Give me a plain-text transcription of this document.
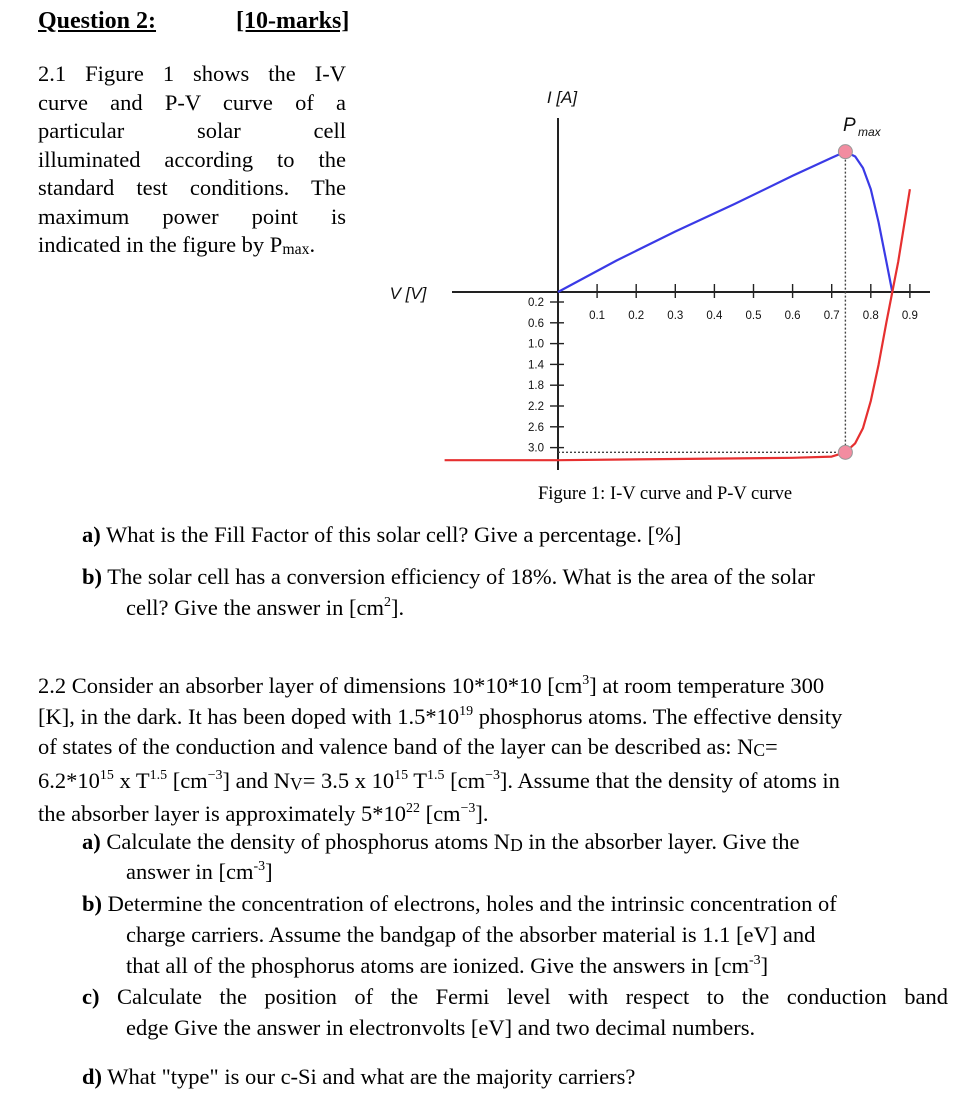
Question 2:	[10-marks]
2.1 Figure 1 shows the I-V
curve and P-V curve of a
particular solar cell
illuminated according to the
standard test conditions. The
maximum power point is
indicated in the figure by Pmax.
0.1 0.2 0.3 0.4 0.5 0.6 0.7 0.8 0.9
0.2
0.6
1.0
1.4
1.8
2.2
2.6
3.0
I [A]
V [V]
P max
Figure 1: I-V curve and P-V curve
a) What is the Fill Factor of this solar cell? Give a percentage. [%]
b) The solar cell has a conversion efficiency of 18%. What is the area of the solar
cell? Give the answer in $[cm^2]$.
2.2 Consider an absorber layer of dimensions 10*10*10 $[cm^3]$ at room temperature 300
[K], in the dark. It has been doped with $1.5*10^{19}$ phosphorus atoms. The effective density
of states of the conduction and valence band of the layer can be described as: NC=
$6.2*10^{15}$ x $T^{1.5}$ $[cm^{-3}]$ and NV= 3.5 x $10^{15}$ $T^{1.5}$ $[cm^{-3}]$. Assume that the density of atoms in
the absorber layer is approximately $5*10^{22}$ $[cm^{-3}]$.
a) Calculate the density of phosphorus atoms ND in the absorber layer. Give the
answer in $[cm^{-3}]$
b) Determine the concentration of electrons, holes and the intrinsic concentration of
charge carriers. Assume the bandgap of the absorber material is 1.1 [eV] and
that all of the phosphorus atoms are ionized. Give the answers in $[cm^{-3}]$
c) Calculate the position of the Fermi level with respect to the conduction band
edge Give the answer in electronvolts [eV] and two decimal numbers.
d) What "type" is our c-Si and what are the majority carriers?
